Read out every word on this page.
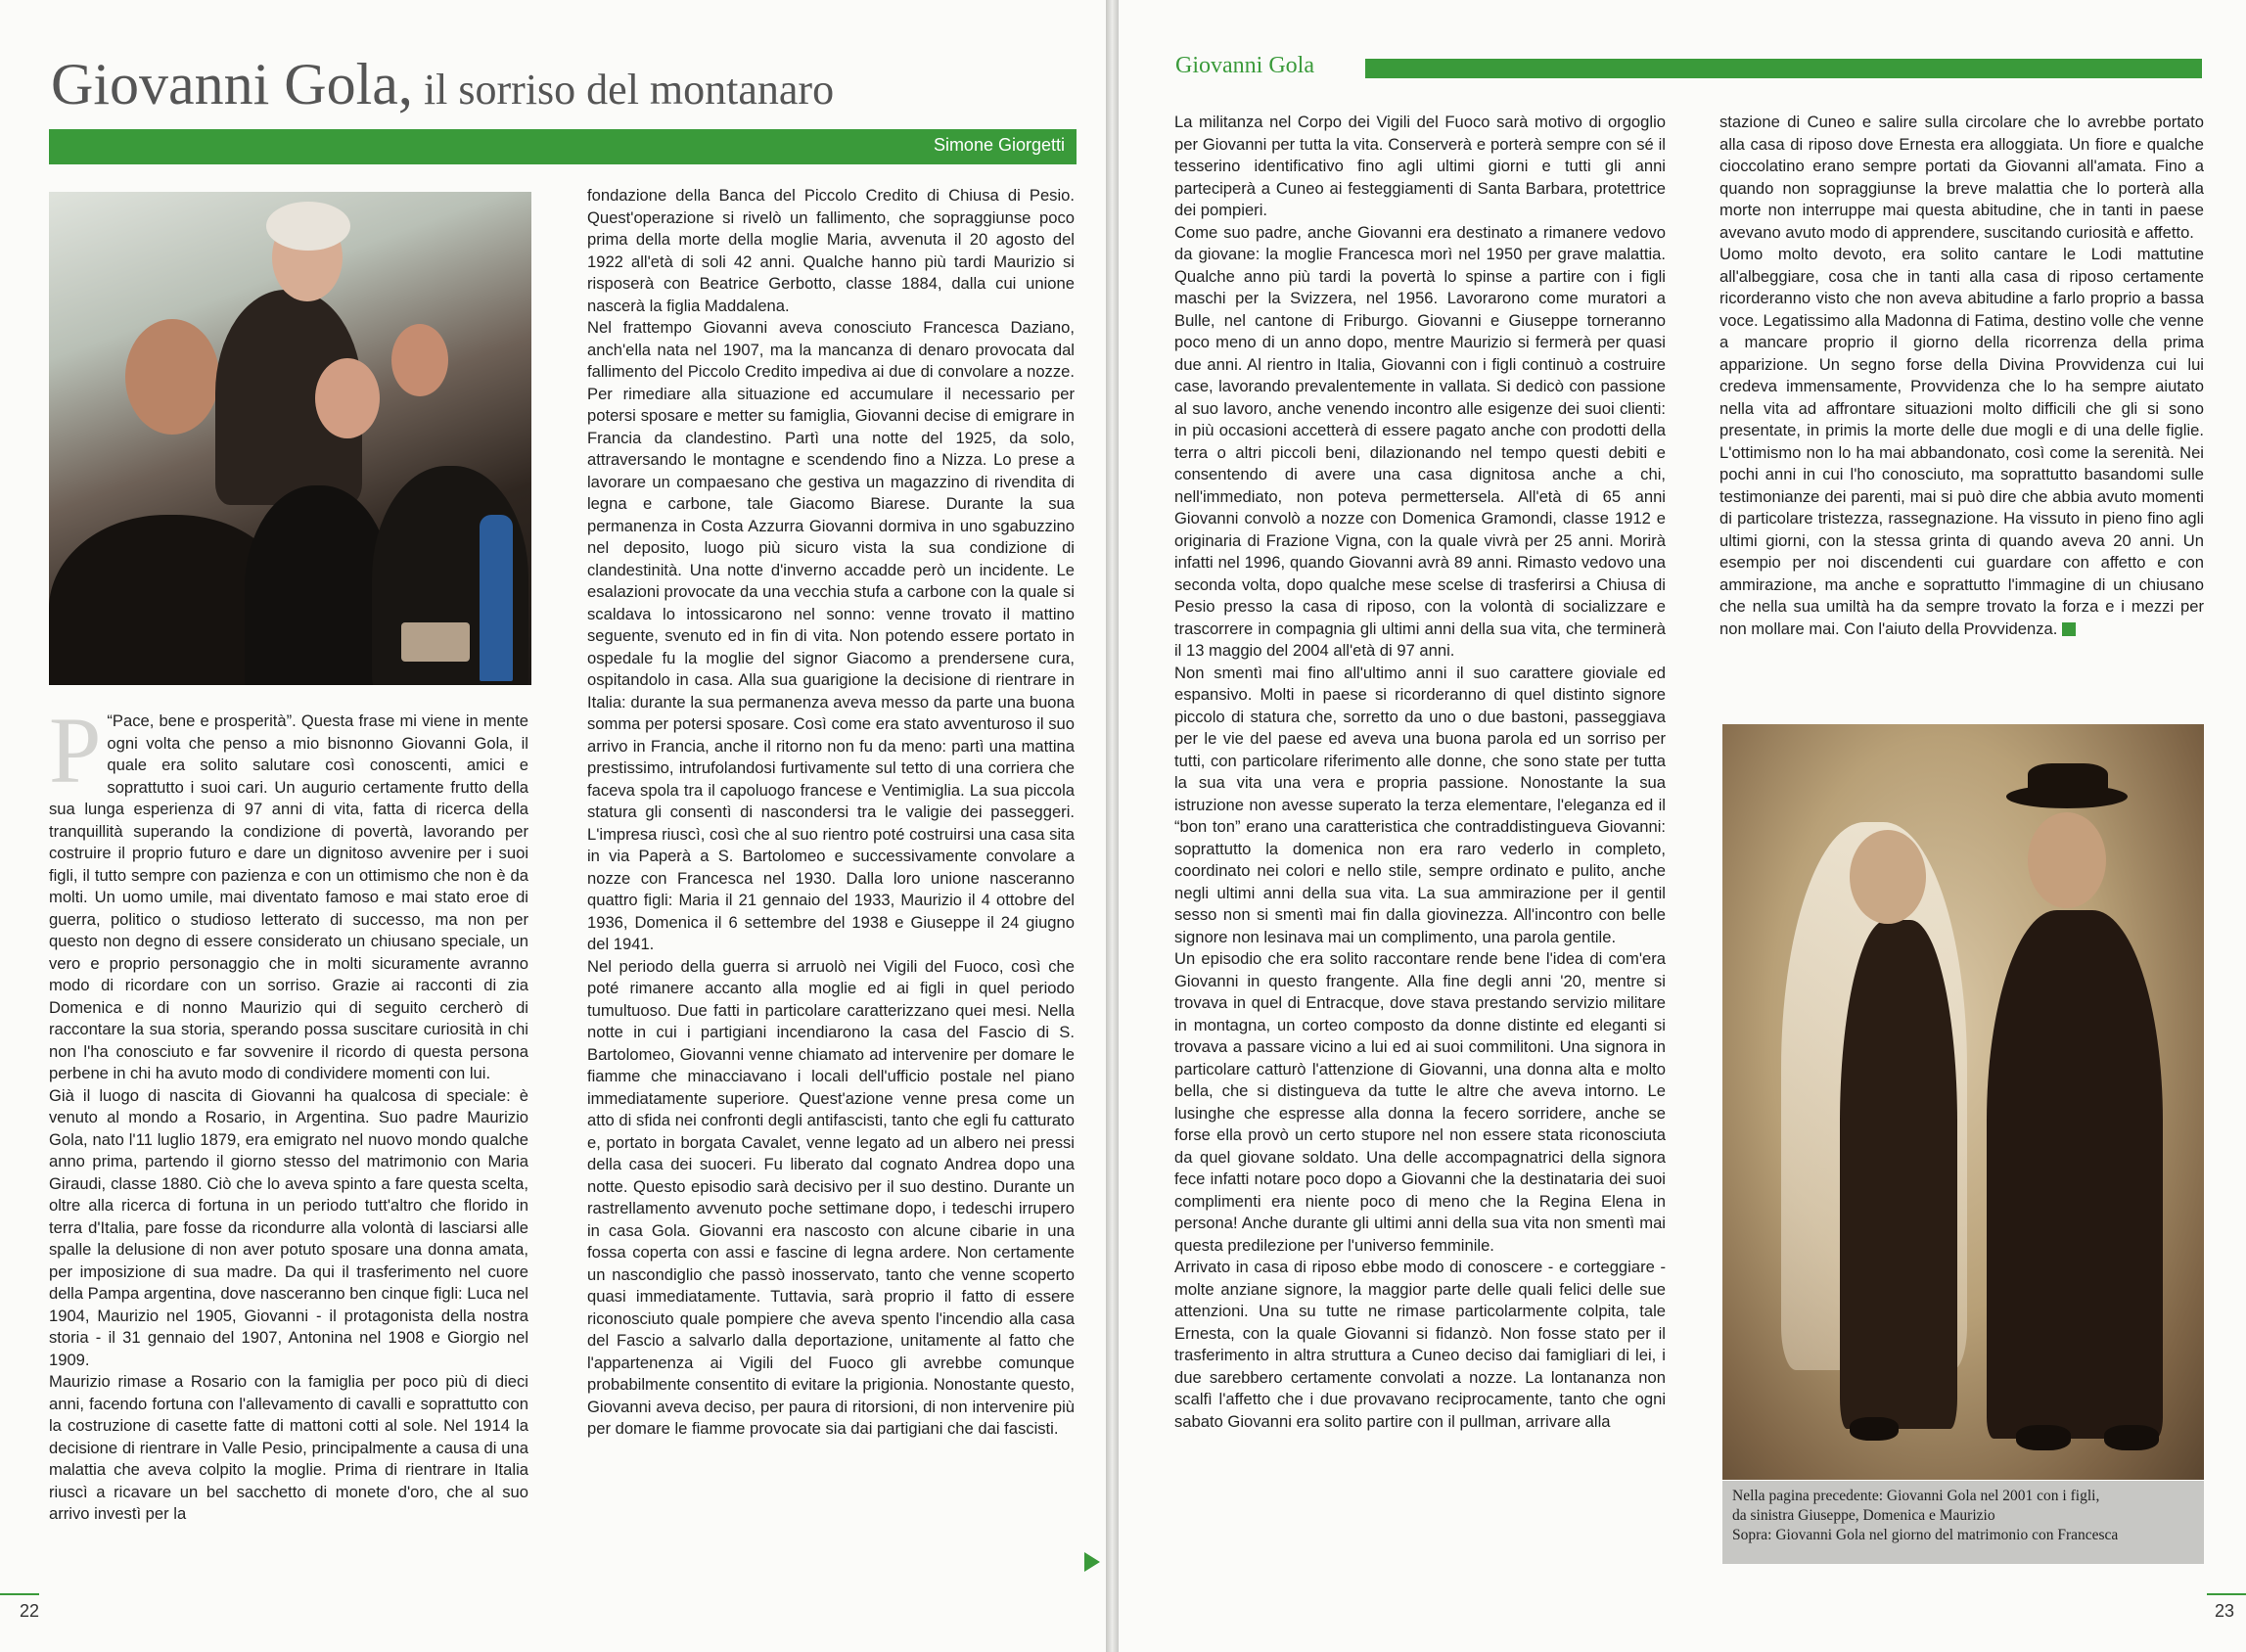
Giovanni Gola, il sorriso del montanaro
Simone Giorgetti

P “Pace, bene e prosperità”. Questa frase mi viene in mente ogni volta che penso a mio bisnonno Giovanni Gola, il quale era solito salutare così conoscenti, amici e soprattutto i suoi cari. Un augurio certamente frutto della sua lunga esperienza di 97 anni di vita, fatta di ricerca della tranquillità superando la condizione di povertà, lavorando per costruire il proprio futuro e dare un dignitoso avvenire per i suoi figli, il tutto sempre con pazienza e con un ottimismo che non è da molti. Un uomo umile, mai diventato famoso e mai stato eroe di guerra, politico o studioso letterato di successo, ma non per questo non degno di essere considerato un chiusano speciale, un vero e proprio personaggio che in molti sicuramente avranno modo di ricordare con un sorriso. Grazie ai racconti di zia Domenica e di nonno Maurizio qui di seguito cercherò di raccontare la sua storia, sperando possa suscitare curiosità in chi non l'ha conosciuto e far sovvenire il ricordo di questa persona perbene in chi ha avuto modo di condividere momenti con lui.

Già il luogo di nascita di Giovanni ha qualcosa di speciale: è venuto al mondo a Rosario, in Argentina. Suo padre Maurizio Gola, nato l'11 luglio 1879, era emigrato nel nuovo mondo qualche anno prima, partendo il giorno stesso del matrimonio con Maria Giraudi, classe 1880. Ciò che lo aveva spinto a fare questa scelta, oltre alla ricerca di fortuna in un periodo tutt'altro che florido in terra d'Italia, pare fosse da ricondurre alla volontà di lasciarsi alle spalle la delusione di non aver potuto sposare una donna amata, per imposizione di sua madre. Da qui il trasferimento nel cuore della Pampa argentina, dove nasceranno ben cinque figli: Luca nel 1904, Maurizio nel 1905, Giovanni - il protagonista della nostra storia - il 31 gennaio del 1907, Antonina nel 1908 e Giorgio nel 1909.

Maurizio rimase a Rosario con la famiglia per poco più di dieci anni, facendo fortuna con l'allevamento di cavalli e soprattutto con la costruzione di casette fatte di mattoni cotti al sole. Nel 1914 la decisione di rientrare in Valle Pesio, principalmente a causa di una malattia che aveva colpito la moglie. Prima di rientrare in Italia riuscì a ricavare un bel sacchetto di monete d'oro, che al suo arrivo investì per la

fondazione della Banca del Piccolo Credito di Chiusa di Pesio. Quest'operazione si rivelò un fallimento, che sopraggiunse poco prima della morte della moglie Maria, avvenuta il 20 agosto del 1922 all'età di soli 42 anni. Qualche hanno più tardi Maurizio si risposerà con Beatrice Gerbotto, classe 1884, dalla cui unione nascerà la figlia Maddalena.

Nel frattempo Giovanni aveva conosciuto Francesca Daziano, anch'ella nata nel 1907, ma la mancanza di denaro provocata dal fallimento del Piccolo Credito impediva ai due di convolare a nozze. Per rimediare alla situazione ed accumulare il necessario per potersi sposare e metter su famiglia, Giovanni decise di emigrare in Francia da clandestino. Partì una notte del 1925, da solo, attraversando le montagne e scendendo fino a Nizza. Lo prese a lavorare un compaesano che gestiva un magazzino di rivendita di legna e carbone, tale Giacomo Biarese. Durante la sua permanenza in Costa Azzurra Giovanni dormiva in uno sgabuzzino nel deposito, luogo più sicuro vista la sua condizione di clandestinità. Una notte d'inverno accadde però un incidente. Le esalazioni provocate da una vecchia stufa a carbone con la quale si scaldava lo intossicarono nel sonno: venne trovato il mattino seguente, svenuto ed in fin di vita. Non potendo essere portato in ospedale fu la moglie del signor Giacomo a prendersene cura, ospitandolo in casa. Alla sua guarigione la decisione di rientrare in Italia: durante la sua permanenza aveva messo da parte una buona somma per potersi sposare. Così come era stato avventuroso il suo arrivo in Francia, anche il ritorno non fu da meno: partì una mattina prestissimo, intrufolandosi furtivamente sul tetto di una corriera che faceva spola tra il capoluogo francese e Ventimiglia. La sua piccola statura gli consentì di nascondersi tra le valigie dei passeggeri. L'impresa riuscì, così che al suo rientro poté costruirsi una casa sita in via Paperà a S. Bartolomeo e successivamente convolare a nozze con Francesca nel 1930. Dalla loro unione nasceranno quattro figli: Maria il 21 gennaio del 1933, Maurizio il 4 ottobre del 1936, Domenica il 6 settembre del 1938 e Giuseppe il 24 giugno del 1941.

Nel periodo della guerra si arruolò nei Vigili del Fuoco, così che poté rimanere accanto alla moglie ed ai figli in quel periodo tumultuoso. Due fatti in particolare caratterizzano quei mesi. Nella notte in cui i partigiani incendiarono la casa del Fascio di S. Bartolomeo, Giovanni venne chiamato ad intervenire per domare le fiamme che minacciavano i locali dell'ufficio postale nel piano immediatamente superiore. Quest'azione venne presa come un atto di sfida nei confronti degli antifascisti, tanto che egli fu catturato e, portato in borgata Cavalet, venne legato ad un albero nei pressi della casa dei suoceri. Fu liberato dal cognato Andrea dopo una notte. Questo episodio sarà decisivo per il suo destino. Durante un rastrellamento avvenuto poche settimane dopo, i tedeschi irrupero in casa Gola. Giovanni era nascosto con alcune cibarie in una fossa coperta con assi e fascine di legna ardere. Non certamente un nascondiglio che passò inosservato, tanto che venne scoperto quasi immediatamente. Tuttavia, sarà proprio il fatto di essere riconosciuto quale pompiere che aveva spento l'incendio alla casa del Fascio a salvarlo dalla deportazione, unitamente al fatto che l'appartenenza ai Vigili del Fuoco gli avrebbe comunque probabilmente consentito di evitare la prigionia. Nonostante questo, Giovanni aveva deciso, per paura di ritorsioni, di non intervenire più per domare le fiamme provocate sia dai partigiani che dai fascisti.

22
Giovanni Gola

La militanza nel Corpo dei Vigili del Fuoco sarà motivo di orgoglio per Giovanni per tutta la vita. Conserverà e porterà sempre con sé il tesserino identificativo fino agli ultimi giorni e tutti gli anni parteciperà a Cuneo ai festeggiamenti di Santa Barbara, protettrice dei pompieri.

Come suo padre, anche Giovanni era destinato a rimanere vedovo da giovane: la moglie Francesca morì nel 1950 per grave malattia. Qualche anno più tardi la povertà lo spinse a partire con i figli maschi per la Svizzera, nel 1956. Lavorarono come muratori a Bulle, nel cantone di Friburgo. Giovanni e Giuseppe torneranno poco meno di un anno dopo, mentre Maurizio si fermerà per quasi due anni. Al rientro in Italia, Giovanni con i figli continuò a costruire case, lavorando prevalentemente in vallata. Si dedicò con passione al suo lavoro, anche venendo incontro alle esigenze dei suoi clienti: in più occasioni accetterà di essere pagato anche con prodotti della terra o altri piccoli beni, dilazionando nel tempo questi debiti e consentendo di avere una casa dignitosa anche a chi, nell'immediato, non poteva permettersela. All'età di 65 anni Giovanni convolò a nozze con Domenica Gramondi, classe 1912 e originaria di Frazione Vigna, con la quale vivrà per 25 anni. Morirà infatti nel 1996, quando Giovanni avrà 89 anni. Rimasto vedovo una seconda volta, dopo qualche mese scelse di trasferirsi a Chiusa di Pesio presso la casa di riposo, con la volontà di socializzare e trascorrere in compagnia gli ultimi anni della sua vita, che terminerà il 13 maggio del 2004 all'età di 97 anni.

Non smentì mai fino all'ultimo anni il suo carattere gioviale ed espansivo. Molti in paese si ricorderanno di quel distinto signore piccolo di statura che, sorretto da uno o due bastoni, passeggiava per le vie del paese ed aveva una buona parola ed un sorriso per tutti, con particolare riferimento alle donne, che sono state per tutta la sua vita una vera e propria passione. Nonostante la sua istruzione non avesse superato la terza elementare, l'eleganza ed il “bon ton” erano una caratteristica che contraddistingueva Giovanni: soprattutto la domenica non era raro vederlo in completo, coordinato nei colori e nello stile, sempre ordinato e pulito, anche negli ultimi anni della sua vita. La sua ammirazione per il gentil sesso non si smentì mai fin dalla giovinezza. All'incontro con belle signore non lesinava mai un complimento, una parola gentile.

Un episodio che era solito raccontare rende bene l'idea di com'era Giovanni in questo frangente. Alla fine degli anni '20, mentre si trovava in quel di Entracque, dove stava prestando servizio militare in montagna, un corteo composto da donne distinte ed eleganti si trovava a passare vicino a lui ed ai suoi commilitoni. Una signora in particolare catturò l'attenzione di Giovanni, una donna alta e molto bella, che si distingueva da tutte le altre che aveva intorno. Le lusinghe che espresse alla donna la fecero sorridere, anche se forse ella provò un certo stupore nel non essere stata riconosciuta da quel giovane soldato. Una delle accompagnatrici della signora fece infatti notare poco dopo a Giovanni che la destinataria dei suoi complimenti era niente poco di meno che la Regina Elena in persona! Anche durante gli ultimi anni della sua vita non smentì mai questa predilezione per l'universo femminile.

Arrivato in casa di riposo ebbe modo di conoscere - e corteggiare - molte anziane signore, la maggior parte delle quali felici delle sue attenzioni. Una su tutte ne rimase particolarmente colpita, tale Ernesta, con la quale Giovanni si fidanzò. Non fosse stato per il trasferimento in altra struttura a Cuneo deciso dai famigliari di lei, i due sarebbero certamente convolati a nozze. La lontananza non scalfì l'affetto che i due provavano reciprocamente, tanto che ogni sabato Giovanni era solito partire con il pullman, arrivare alla

stazione di Cuneo e salire sulla circolare che lo avrebbe portato alla casa di riposo dove Ernesta era alloggiata. Un fiore e qualche cioccolatino erano sempre portati da Giovanni all'amata. Fino a quando non sopraggiunse la breve malattia che lo porterà alla morte non interruppe mai questa abitudine, che in tanti in paese avevano avuto modo di apprendere, suscitando curiosità e affetto.

Uomo molto devoto, era solito cantare le Lodi mattutine all'albeggiare, cosa che in tanti alla casa di riposo certamente ricorderanno visto che non aveva abitudine a farlo proprio a bassa voce. Legatissimo alla Madonna di Fatima, destino volle che venne a mancare proprio il giorno della ricorrenza della prima apparizione. Un segno forse della Divina Provvidenza cui lui credeva immensamente, Provvidenza che lo ha sempre aiutato nella vita ad affrontare situazioni molto difficili che gli si sono presentate, in primis la morte delle due mogli e di una delle figlie. L'ottimismo non lo ha mai abbandonato, così come la serenità. Nei pochi anni in cui l'ho conosciuto, ma soprattutto basandomi sulle testimonianze dei parenti, mai si può dire che abbia avuto momenti di particolare tristezza, rassegnazione. Ha vissuto in pieno fino agli ultimi giorni, con la stessa grinta di quando aveva 20 anni. Un esempio per noi discendenti cui guardare con affetto e con ammirazione, ma anche e soprattutto l'immagine di un chiusano che nella sua umiltà ha da sempre trovato la forza e i mezzi per non mollare mai. Con l'aiuto della Provvidenza.

23
Nella pagina precedente: Giovanni Gola nel 2001 con i figli,
da sinistra Giuseppe, Domenica e Maurizio
Sopra: Giovanni Gola nel giorno del matrimonio con Francesca
